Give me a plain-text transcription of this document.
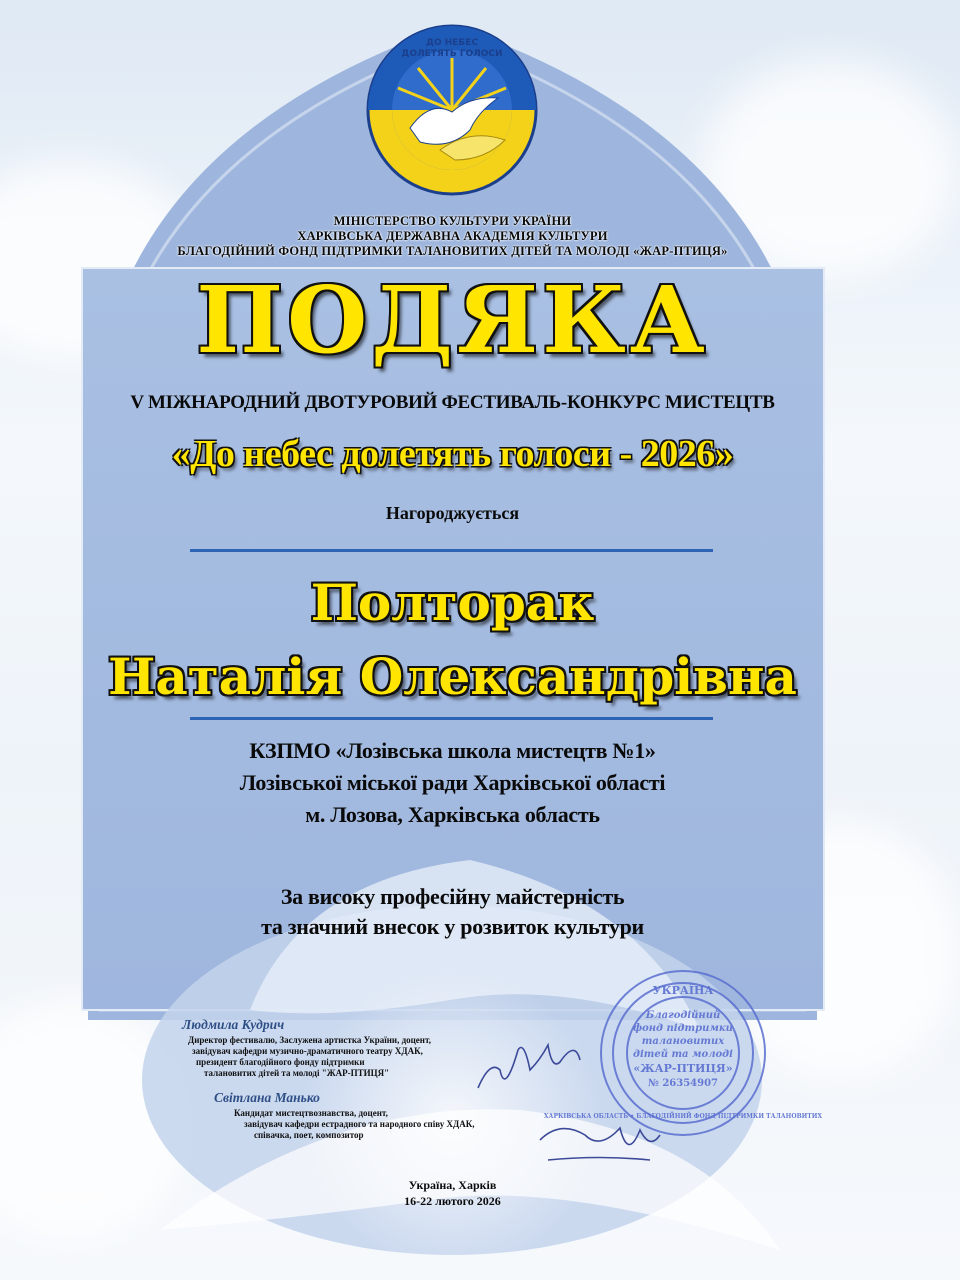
ДО НЕБЕС
ДОЛЕТЯТЬ ГОЛОСИ
МІНІСТЕРСТВО КУЛЬТУРИ УКРАЇНИ
ХАРКІВСЬКА ДЕРЖАВНА АКАДЕМІЯ КУЛЬТУРИ
БЛАГОДІЙНИЙ ФОНД ПІДТРИМКИ ТАЛАНОВИТИХ ДІТЕЙ ТА МОЛОДІ «ЖАР-ПТИЦЯ»
ПОДЯКА
V МІЖНАРОДНИЙ ДВОТУРОВИЙ ФЕСТИВАЛЬ-КОНКУРС МИСТЕЦТВ
«До небес долетять голоси - 2026»
Нагороджується
Полторак
Наталія Олександрівна
КЗПМО «Лозівська школа мистецтв №1»
Лозівської міської ради Харківської області
м. Лозова, Харківська область
За високу професійну майстерність
та значний внесок у розвиток культури
Людмила Кудрич
Директор фестивалю, Заслужена артистка України, доцент,
завідувач кафедри музично-драматичного театру ХДАК,
президент благодійного фонду підтримки
талановитих дітей та молоді "ЖАР-ПТИЦЯ"
Світлана Манько
Кандидат мистецтвознавства, доцент,
завідувач кафедри естрадного та народного співу ХДАК,
співачка, поет, композитор
УКРАЇНА
Благодійний
фонд підтримки
талановитих
дітей та молоді
«ЖАР-ПТИЦЯ»
№ 26354907
ХАРКІВСЬКА ОБЛАСТЬ • БЛАГОДІЙНИЙ ФОНД ПІДТРИМКИ ТАЛАНОВИТИХ
Україна, Харків
16-22 лютого 2026
